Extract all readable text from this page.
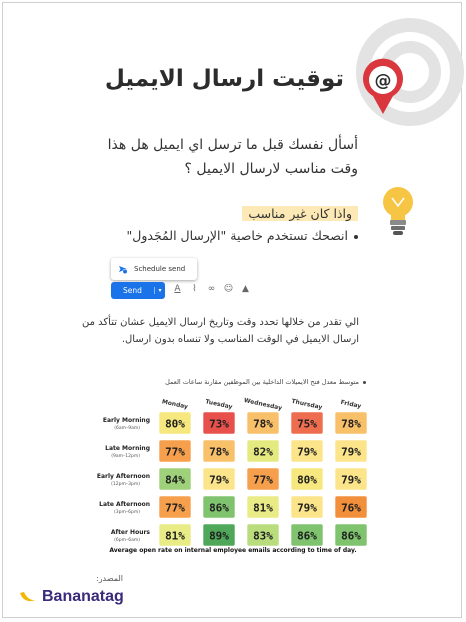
@
توقيت ارسال الايميل
أسأل نفسك قبل ما ترسل اي ايميل هل هذا وقت مناسب لارسال الايميل ؟
واذا كان غير مناسب
انصحك تستخدم خاصية "الإرسال المُجَدول"
Schedule send
Send	▾	A	⌇	∞ ☺ ▲
الي تقدر من خلالها تحدد وقت وتاريخ ارسال الايميل عشان تتأكد من ارسال الايميل في الوقت المناسب ولا تنساه بدون ارسال.
متوسط معدل فتح الايميلات الداخلية بين الموظفين مقارنة ساعات العمل
Monday	Tuesday Wednesday Thursday	Friday
Early Morning
(6am–9am) 80% 73% 78% 75% 78%
Late Morning
(9am–12pm) 77% 78% 82% 79% 79%
Early Afternoon
(12pm–3pm) 84% 79% 77% 80% 79%
Late Afternoon
(3pm–6pm) 77% 86% 81% 79% 76%
After Hours
(6pm–6am) 81% 89% 83% 86% 86%
Average open rate on internal employee emails according to time of day.
المصدر:
Bananatag
